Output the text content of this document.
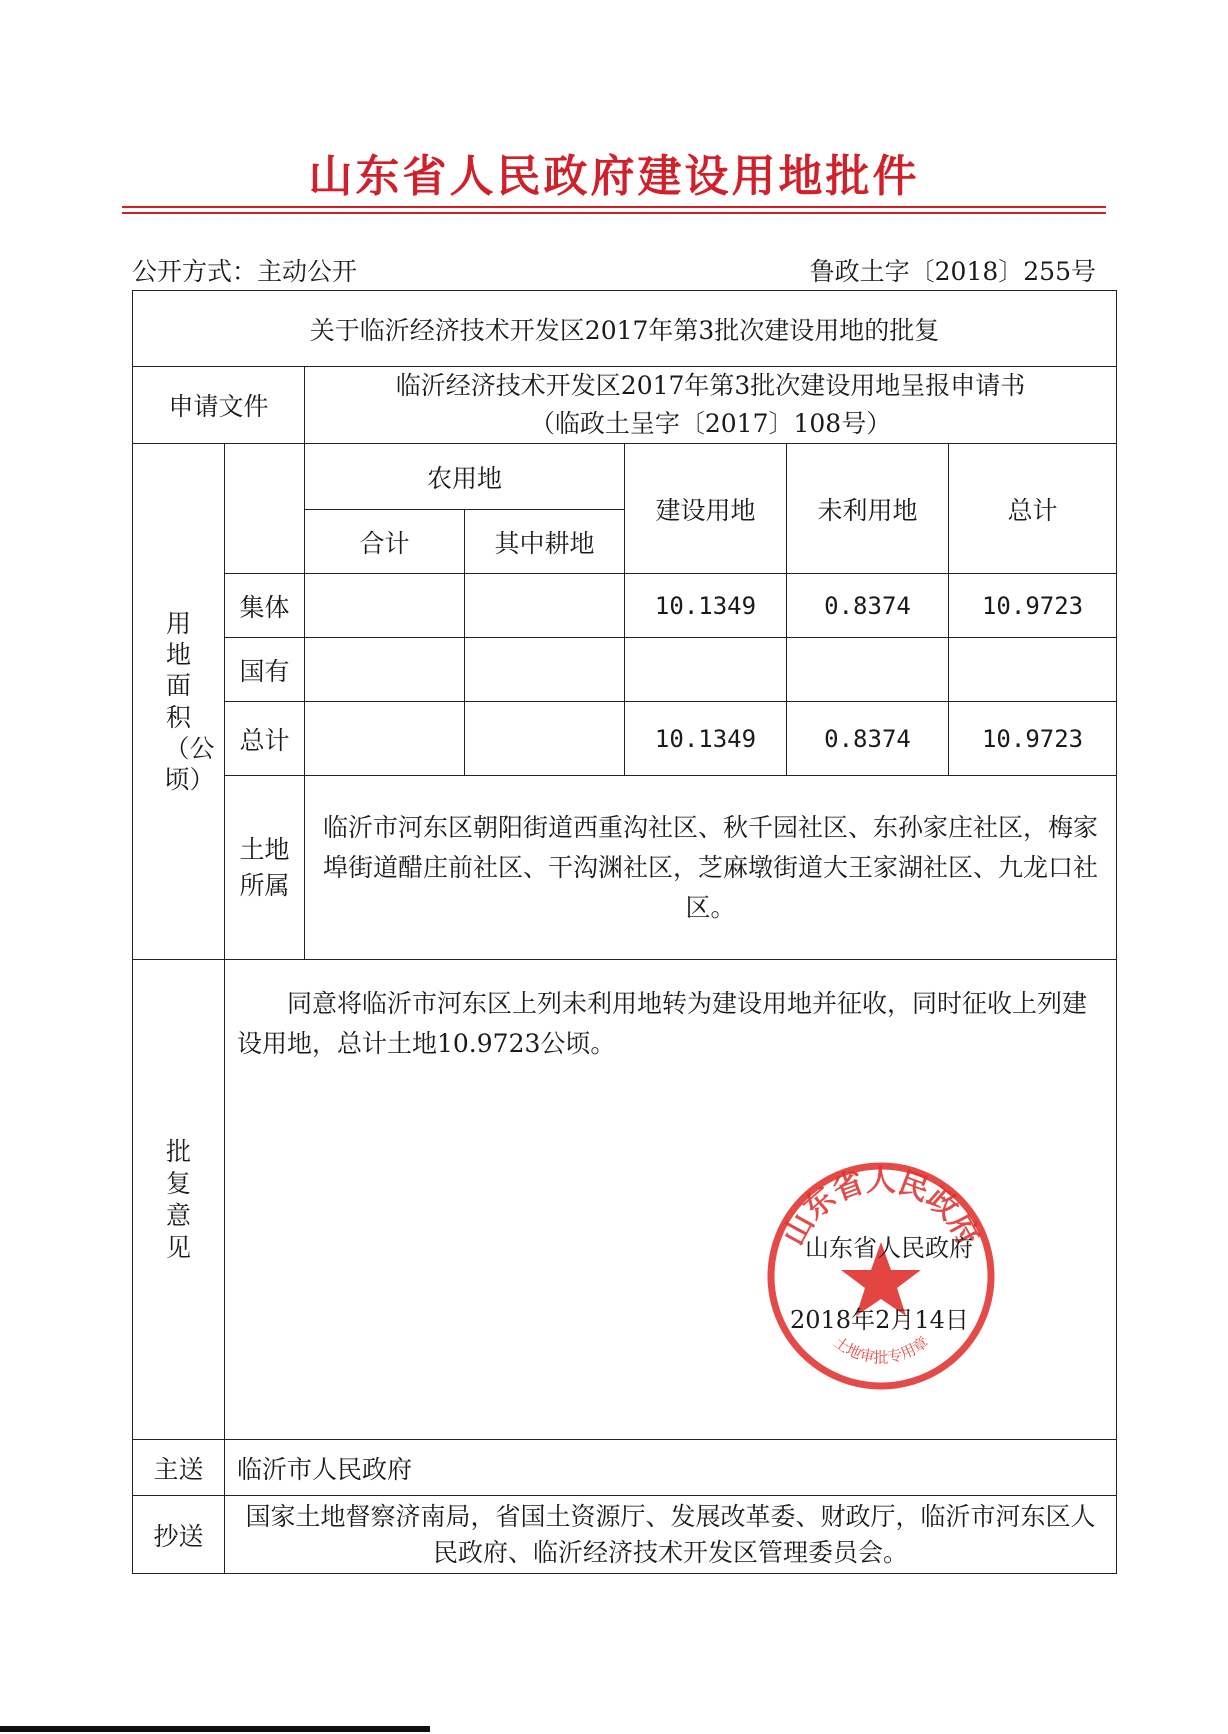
山东省人民政府建设用地批件
公开方式：主动公开	鲁政土字〔2018〕255号
关于临沂经济技术开发区2017年第3批次建设用地的批复						
申请文件		临沂经济技术开发区2017年第3批次建设用地呈报申请书
（临政土呈字〔2017〕108号）				

用地面积（公顷）		农用地		建设用地	未利用地	总计
		合计	其中耕地			
	集体			10.1349	0.8374	10.9723
	国有					
	总计			10.1349	0.8374	10.9723
	土地所属	临沂市河东区朝阳街道西重沟社区、秋千园社区、东孙家庄社区，梅家埠街道醋庄前社区、干沟渊社区，芝麻墩街道大王家湖社区、九龙口社区。				
批复意见	同意将临沂市河东区上列未利用地转为建设用地并征收，同时征收上列建设用地，总计土地10.9723公顷。
山东省人民政府
土地审批专用章
山东省人民政府
2018年2月14日					

主送	临沂市人民政府					
抄送	国家土地督察济南局，省国土资源厅、发展改革委、财政厅，临沂市河东区人民政府、临沂经济技术开发区管理委员会。					
